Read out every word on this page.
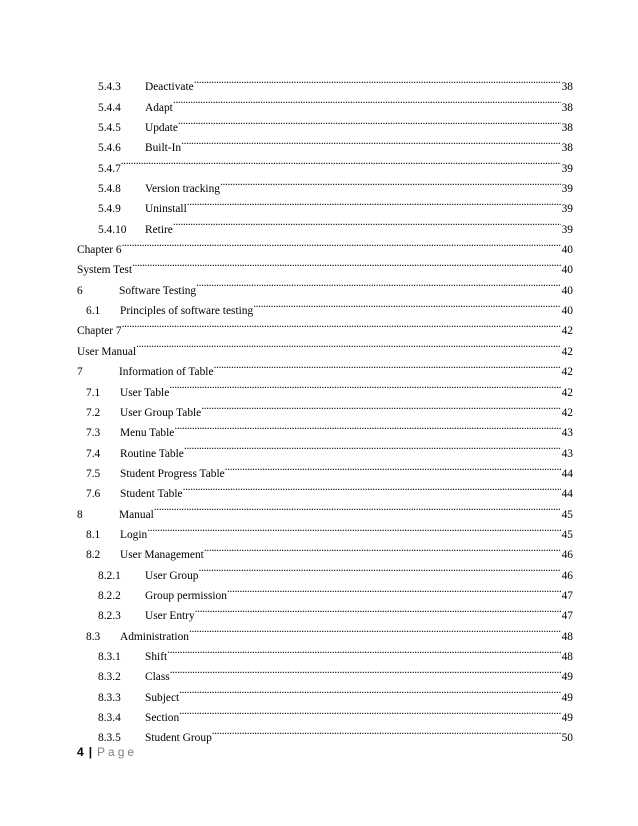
5.4.3	Deactivate . . .	38
5.4.4	Adapt . . .	38
5.4.5	Update . . .	38
5.4.6	Built-In . . .	38
5.4.7 . . .	39
5.4.8	Version tracking . . .	39
5.4.9	Uninstall . . .	39
5.4.10	Retire . . .	39
Chapter 6 . . .	40
System Test . . .	40
6	Software Testing . . .	40
6.1	Principles of software testing . . .	40
Chapter 7 . . .	42
User Manual . . .	42
7	Information of Table . . .	42
7.1	User Table . . .	42
7.2	User Group Table . . .	42
7.3	Menu Table . . .	43
7.4	Routine Table . . .	43
7.5	Student Progress Table . . .	44
7.6	Student Table . . .	44
8	Manual . . .	45
8.1	Login . . .	45
8.2	User Management . . .	46
8.2.1	User Group . . .	46
8.2.2	Group permission . . .	47
8.2.3	User Entry . . .	47
8.3	Administration . . .	48
8.3.1	Shift . . .	48
8.3.2	Class . . .	49
8.3.3	Subject . . .	49
8.3.4	Section . . .	49
8.3.5	Student Group . . .	50
4 | Page
